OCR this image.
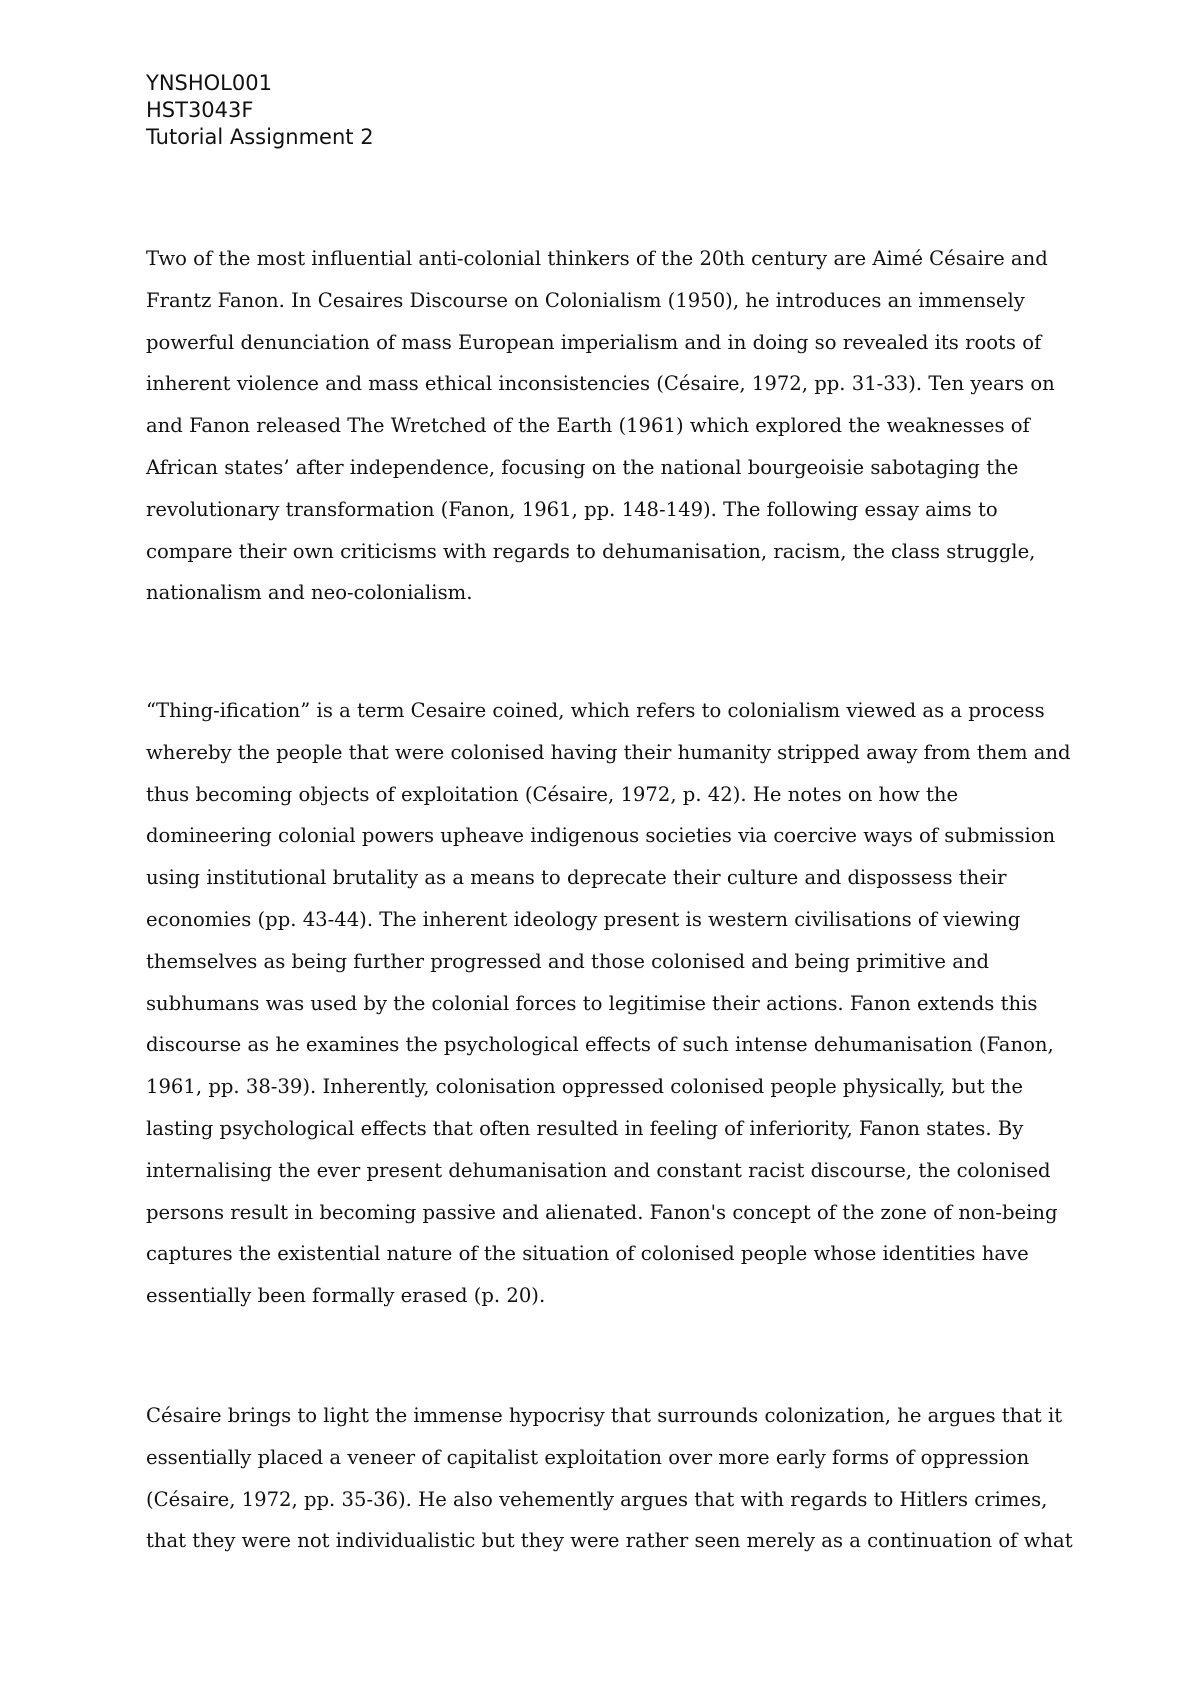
YNSHOL001
HST3043F
Tutorial Assignment 2
Two of the most influential anti-colonial thinkers of the 20th century are Aimé Césaire and
Frantz Fanon. In Cesaires Discourse on Colonialism (1950), he introduces an immensely
powerful denunciation of mass European imperialism and in doing so revealed its roots of
inherent violence and mass ethical inconsistencies (Césaire, 1972, pp. 31-33). Ten years on
and Fanon released The Wretched of the Earth (1961) which explored the weaknesses of
African states’ after independence, focusing on the national bourgeoisie sabotaging the
revolutionary transformation (Fanon, 1961, pp. 148-149). The following essay aims to
compare their own criticisms with regards to dehumanisation, racism, the class struggle,
nationalism and neo-colonialism.
“Thing-ification” is a term Cesaire coined, which refers to colonialism viewed as a process
whereby the people that were colonised having their humanity stripped away from them and
thus becoming objects of exploitation (Césaire, 1972, p. 42). He notes on how the
domineering colonial powers upheave indigenous societies via coercive ways of submission
using institutional brutality as a means to deprecate their culture and dispossess their
economies (pp. 43-44). The inherent ideology present is western civilisations of viewing
themselves as being further progressed and those colonised and being primitive and
subhumans was used by the colonial forces to legitimise their actions. Fanon extends this
discourse as he examines the psychological effects of such intense dehumanisation (Fanon,
1961, pp. 38-39). Inherently, colonisation oppressed colonised people physically, but the
lasting psychological effects that often resulted in feeling of inferiority, Fanon states. By
internalising the ever present dehumanisation and constant racist discourse, the colonised
persons result in becoming passive and alienated. Fanon's concept of the zone of non-being
captures the existential nature of the situation of colonised people whose identities have
essentially been formally erased (p. 20).
Césaire brings to light the immense hypocrisy that surrounds colonization, he argues that it
essentially placed a veneer of capitalist exploitation over more early forms of oppression
(Césaire, 1972, pp. 35-36). He also vehemently argues that with regards to Hitlers crimes,
that they were not individualistic but they were rather seen merely as a continuation of what
